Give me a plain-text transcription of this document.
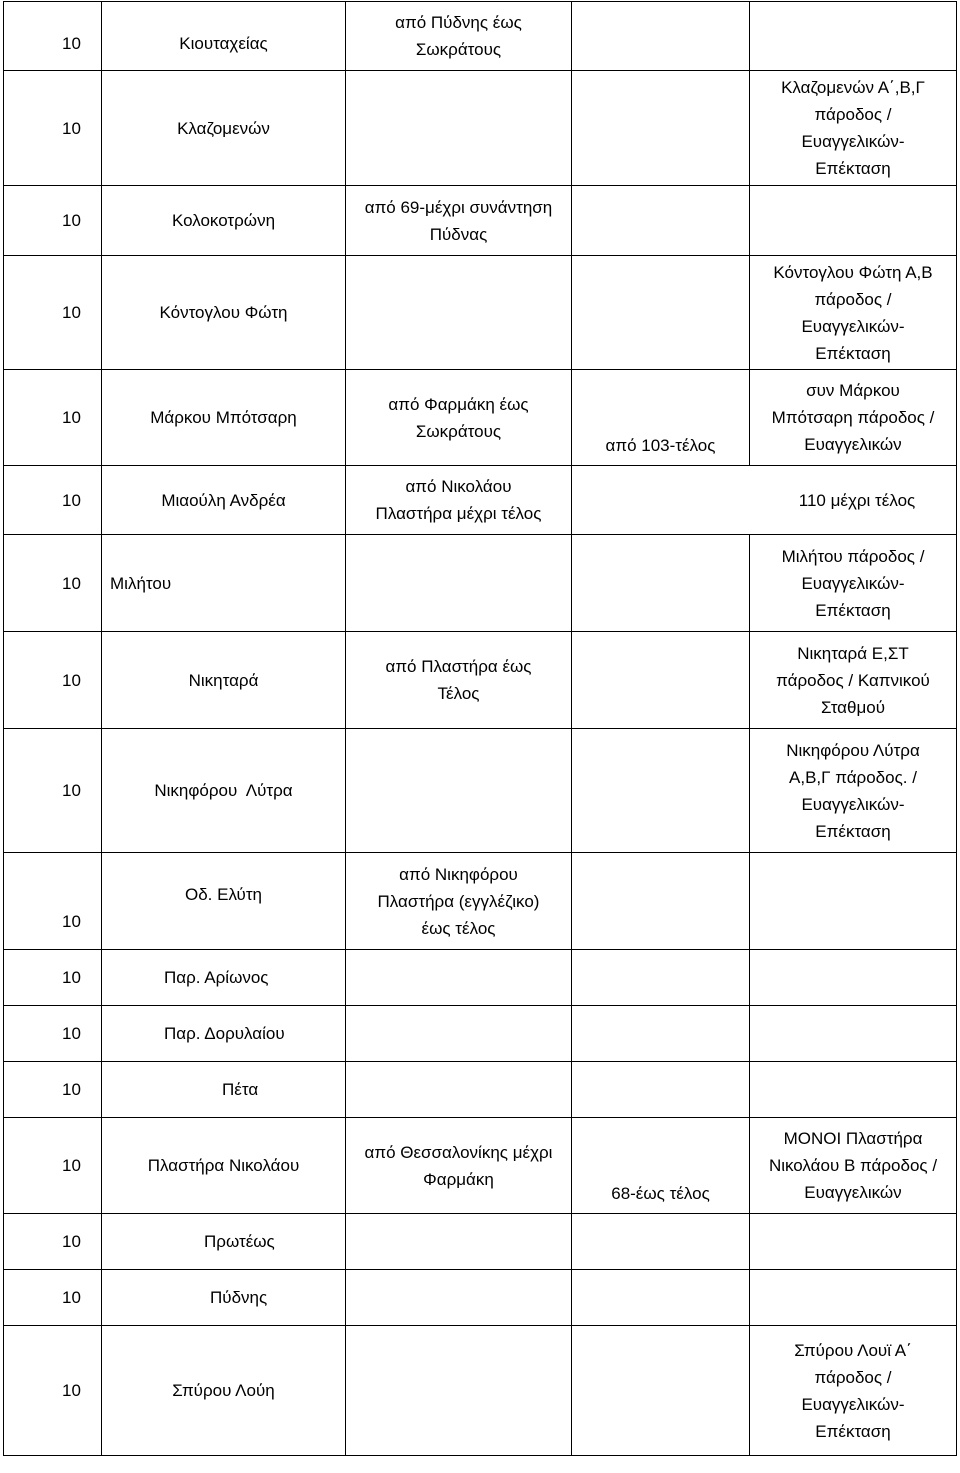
10	Κιουταχείας	από Πύδνης έως
Σωκράτους		
10	Κλαζομενών			Κλαζομενών Α΄,Β,Γ
πάροδος /
Ευαγγελικών-
Επέκταση
10	Κολοκοτρώνη	από 69-μέχρι συνάντηση
Πύδνας		
10	Κόντογλου Φώτη			Κόντογλου Φώτη Α,Β
πάροδος /
Ευαγγελικών-
Επέκταση
10	Μάρκου Μπότσαρη	από Φαρμάκη έως
Σωκράτους	από 103-τέλος	συν Μάρκου
Μπότσαρη πάροδος /
Ευαγγελικών
10	Μιαούλη Ανδρέα	από Νικολάου
Πλαστήρα μέχρι τέλος	110 μέχρι τέλος	
10	Μιλήτου			Μιλήτου πάροδος /
Ευαγγελικών-
Επέκταση
10	Νικηταρά	από Πλαστήρα έως
Τέλος		Νικηταρά Ε,ΣΤ
πάροδος / Καπνικού
Σταθμού
10	Νικηφόρου  Λύτρα			Νικηφόρου Λύτρα
Α,Β,Γ πάροδος. /
Ευαγγελικών-
Επέκταση
10	Οδ. Ελύτη	από Νικηφόρου
Πλαστήρα (εγγλέζικο)
έως τέλος		
10	Παρ. Αρίωνος			
10	Παρ. Δορυλαίου			
10	Πέτα			
10	Πλαστήρα Νικολάου	από Θεσσαλονίκης μέχρι
Φαρμάκη	68-έως τέλος	ΜΟΝΟΙ Πλαστήρα
Νικολάου Β πάροδος /
Ευαγγελικών
10	Πρωτέως			
10	Πύδνης			
10	Σπύρου Λούη			Σπύρου Λουϊ Α΄
πάροδος /
Ευαγγελικών-
Επέκταση
